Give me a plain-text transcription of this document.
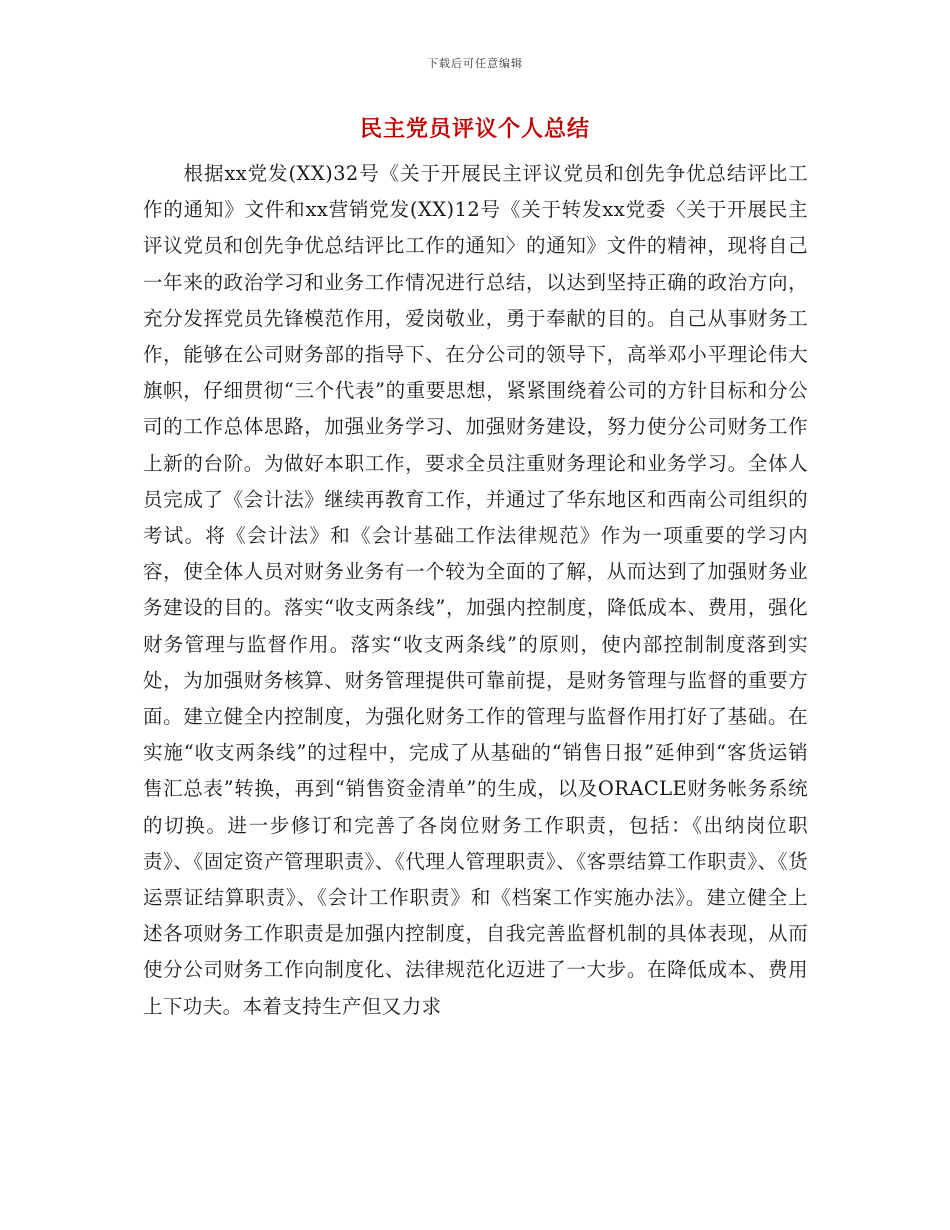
下载后可任意编辑
民主党员评议个人总结

根据xx党发(XX)32号《关于开展民主评议党员和创先争优总结评比工作的通知》文件和xx营销党发(XX)12号《关于转发xx党委〈关于开展民主评议党员和创先争优总结评比工作的通知〉的通知》文件的精神，现将自己一年来的政治学习和业务工作情况进行总结，以达到坚持正确的政治方向，充分发挥党员先锋模范作用，爱岗敬业，勇于奉献的目的。自己从事财务工作，能够在公司财务部的指导下、在分公司的领导下，高举邓小平理论伟大旗帜，仔细贯彻“三个代表”的重要思想，紧紧围绕着公司的方针目标和分公司的工作总体思路，加强业务学习、加强财务建设，努力使分公司财务工作上新的台阶。为做好本职工作，要求全员注重财务理论和业务学习。全体人员完成了《会计法》继续再教育工作，并通过了华东地区和西南公司组织的考试。将《会计法》和《会计基础工作法律规范》作为一项重要的学习内容，使全体人员对财务业务有一个较为全面的了解，从而达到了加强财务业务建设的目的。落实“收支两条线”，加强内控制度，降低成本、费用，强化财务管理与监督作用。落实“收支两条线”的原则，使内部控制制度落到实处，为加强财务核算、财务管理提供可靠前提，是财务管理与监督的重要方面。建立健全内控制度，为强化财务工作的管理与监督作用打好了基础。在实施“收支两条线”的过程中，完成了从基础的“销售日报”延伸到“客货运销售汇总表”转换，再到“销售资金清单”的生成，以及ORACLE财务帐务系统的切换。进一步修订和完善了各岗位财务工作职责，包括：《出纳岗位职责》、《固定资产管理职责》、《代理人管理职责》、《客票结算工作职责》、《货运票证结算职责》、《会计工作职责》和《档案工作实施办法》。建立健全上述各项财务工作职责是加强内控制度，自我完善监督机制的具体表现，从而使分公司财务工作向制度化、法律规范化迈进了一大步。在降低成本、费用上下功夫。本着支持生产但又力求
